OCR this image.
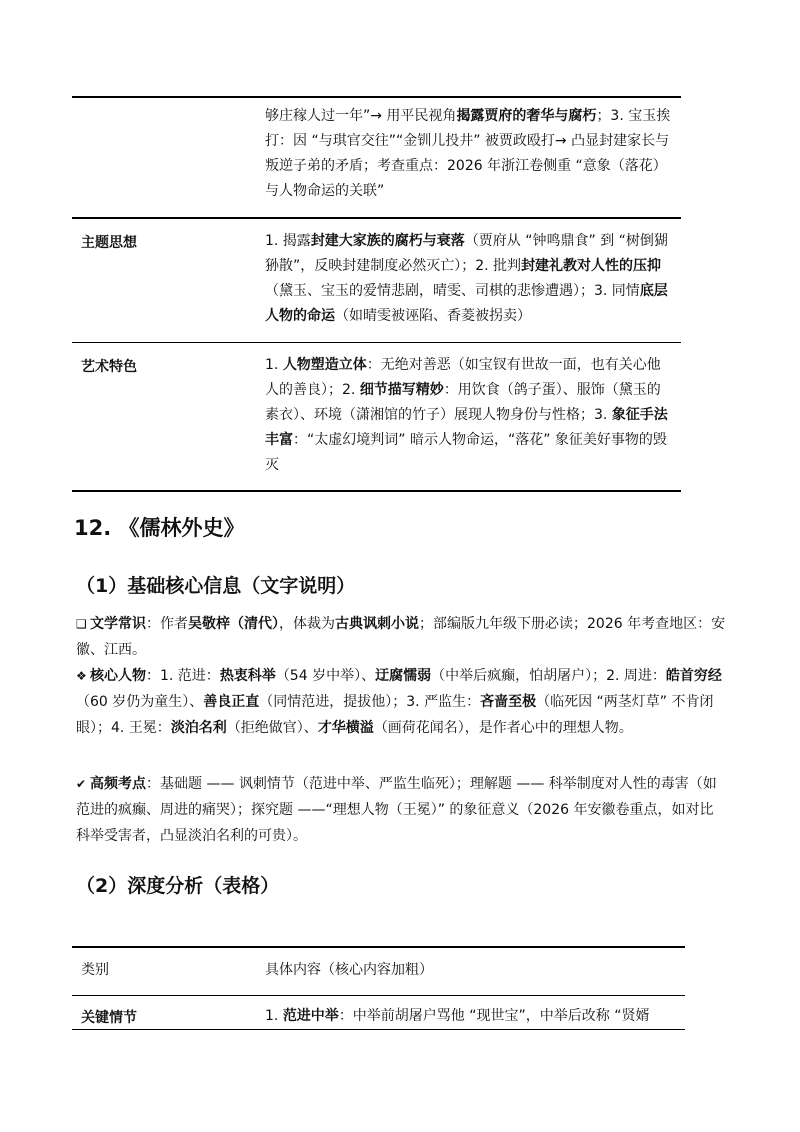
够庄稼人过一年”→ 用平民视角揭露贾府的奢华与腐朽；3. 宝玉挨打：因 “与琪官交往”“金钏儿投井” 被贾政殴打→ 凸显封建家长与叛逆子弟的矛盾；考查重点：2026 年浙江卷侧重 “意象（落花）与人物命运的关联”
主题思想	1. 揭露封建大家族的腐朽与衰落（贾府从 “钟鸣鼎食” 到 “树倒猢狲散”，反映封建制度必然灭亡）；2. 批判封建礼教对人性的压抑（黛玉、宝玉的爱情悲剧，晴雯、司棋的悲惨遭遇）；3. 同情底层人物的命运（如晴雯被诬陷、香菱被拐卖）
艺术特色	1. 人物塑造立体：无绝对善恶（如宝钗有世故一面，也有关心他人的善良）；2. 细节描写精妙：用饮食（鸽子蛋）、服饰（黛玉的素衣）、环境（潇湘馆的竹子）展现人物身份与性格；3. 象征手法丰富：“太虚幻境判词” 暗示人物命运，“落花” 象征美好事物的毁灭
12. 《儒林外史》
（1）基础核心信息（文字说明）
❑ 文学常识：作者吴敬梓（清代），体裁为古典讽刺小说；部编版九年级下册必读；2026 年考查地区：安徽、江西。
❖ 核心人物：1. 范进：热衷科举（54 岁中举）、迂腐懦弱（中举后疯癫，怕胡屠户）；2. 周进：皓首穷经（60 岁仍为童生）、善良正直（同情范进，提拔他）；3. 严监生：吝啬至极（临死因 “两茎灯草” 不肯闭眼）；4. 王冕：淡泊名利（拒绝做官）、才华横溢（画荷花闻名），是作者心中的理想人物。
✔ 高频考点：基础题 —— 讽刺情节（范进中举、严监生临死）；理解题 —— 科举制度对人性的毒害（如范进的疯癫、周进的痛哭）；探究题 ——“理想人物（王冕）” 的象征意义（2026 年安徽卷重点，如对比科举受害者，凸显淡泊名利的可贵）。
（2）深度分析（表格）
类别	具体内容（核心内容加粗）
关键情节	1. 范进中举：中举前胡屠户骂他 “现世宝”，中举后改称 “贤婿
